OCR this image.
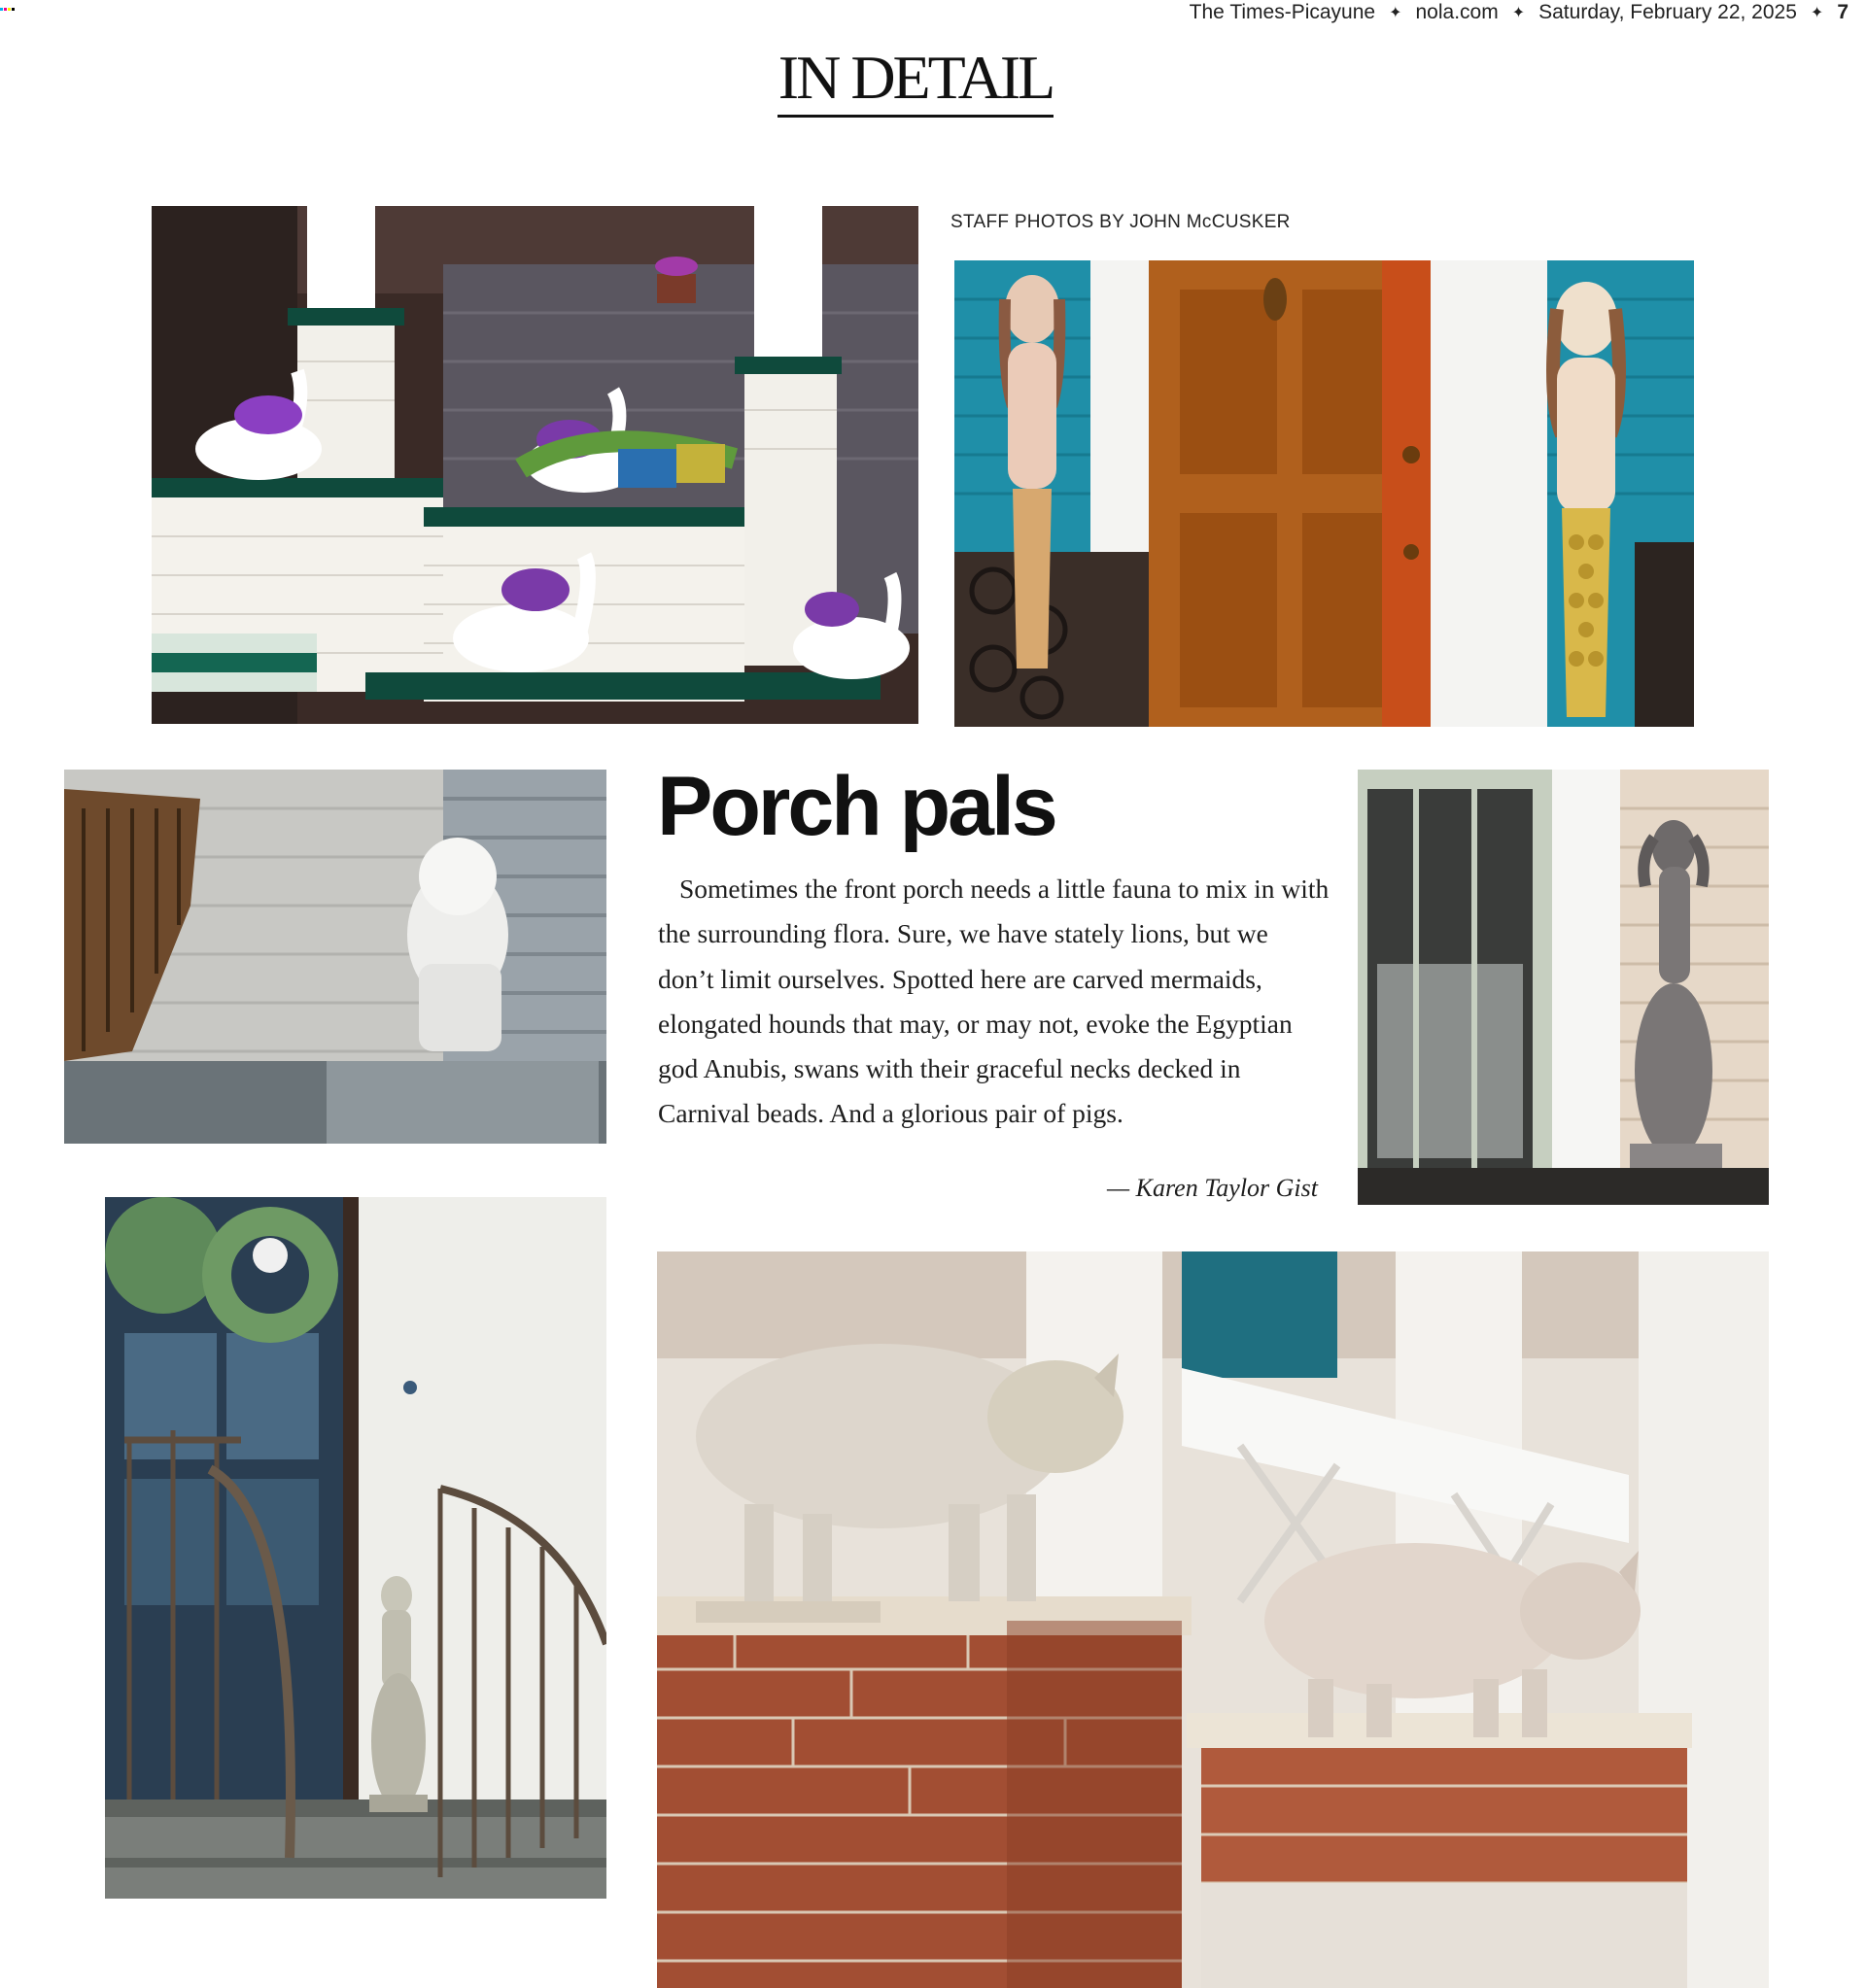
The Times-Picayune ✦ nola.com ✦ Saturday, February 22, 2025 ✦ 7
IN DETAIL
STAFF PHOTOS BY JOHN McCUSKER
Porch pals

Sometimes the front porch needs a little fauna to mix in with the surrounding flora. Sure, we have stately lions, but we don’t limit ourselves. Spotted here are carved mermaids, elongated hounds that may, or may not, evoke the Egyptian god Anubis, swans with their graceful necks decked in Carnival beads. And a glorious pair of pigs.

— Karen Taylor Gist
